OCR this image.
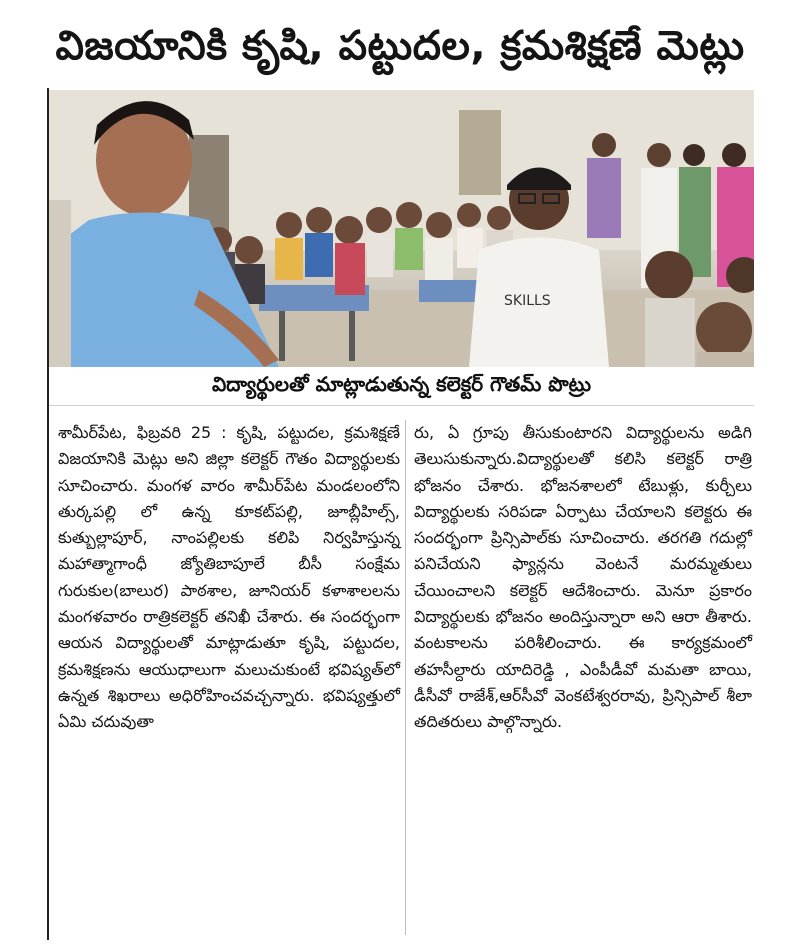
విజయానికి కృషి, పట్టుదల, క్రమశిక్షణే మెట్లు
SKILLS
విద్యార్థులతో మాట్లాడుతున్న కలెక్టర్ గౌతమ్ పొట్రు
శామీర్‌పేట, ఫిబ్రవరి 25 : కృషి, పట్టుదల, క్రమశిక్షణే విజయానికి మెట్లు అని జిల్లా కలెక్టర్ గౌతం విద్యార్థులకు సూచించారు. మంగళ వారం శామీర్‌పేట మండలంలోని తుర్కపల్లి లో ఉన్న కూకట్‌పల్లి, జూబ్లీహిల్స్, కుత్బుల్లాపూర్, నాంపల్లిలకు కలిపి నిర్వహిస్తున్న మహాత్మాగాంధీ జ్యోతిబాపూలే బీసీ సంక్షేమ గురుకుల(బాలుర) పాఠశాల, జూనియర్ కళాశాలలను మంగళవారం రాత్రికలెక్టర్ తనిఖీ చేశారు. ఈ సందర్భంగా ఆయన విద్యార్థులతో మాట్లాడుతూ కృషి, పట్టుదల, క్రమశిక్షణను ఆయుధాలుగా మలుచుకుంటే భవిష్యత్‌లో ఉన్నత శిఖరాలు అధిరోహించవచ్చన్నారు. భవిష్యత్తులో ఏమి చదువుతా
రు, ఏ గ్రూపు తీసుకుంటారని విద్యార్థులను అడిగి తెలుసుకున్నారు.విద్యార్థులతో కలిసి కలెక్టర్ రాత్రి భోజనం చేశారు. భోజనశాలలో టేబుళ్లు, కుర్చీలు విద్యార్థులకు సరిపడా ఏర్పాటు చేయాలని కలెక్టరు ఈ సందర్భంగా ప్రిన్సిపాల్‌కు సూచించారు. తరగతి గదుల్లో పనిచేయని ఫ్యాన్లను వెంటనే మరమ్మతులు చేయించాలని కలెక్టర్ ఆదేశించారు. మెనూ ప్రకారం విద్యార్థులకు భోజనం అందిస్తున్నారా అని ఆరా తీశారు. వంటకాలను పరిశీలించారు. ఈ కార్యక్రమంలో తహసీల్దారు యాదిరెడ్డి , ఎంపీడీవో మమతా బాయి, డీసీవో రాజేశ్,ఆర్‌సీవో వెంకటేశ్వరరావు, ప్రిన్సిపాల్ శీలా తదితరులు పాల్గొన్నారు.
